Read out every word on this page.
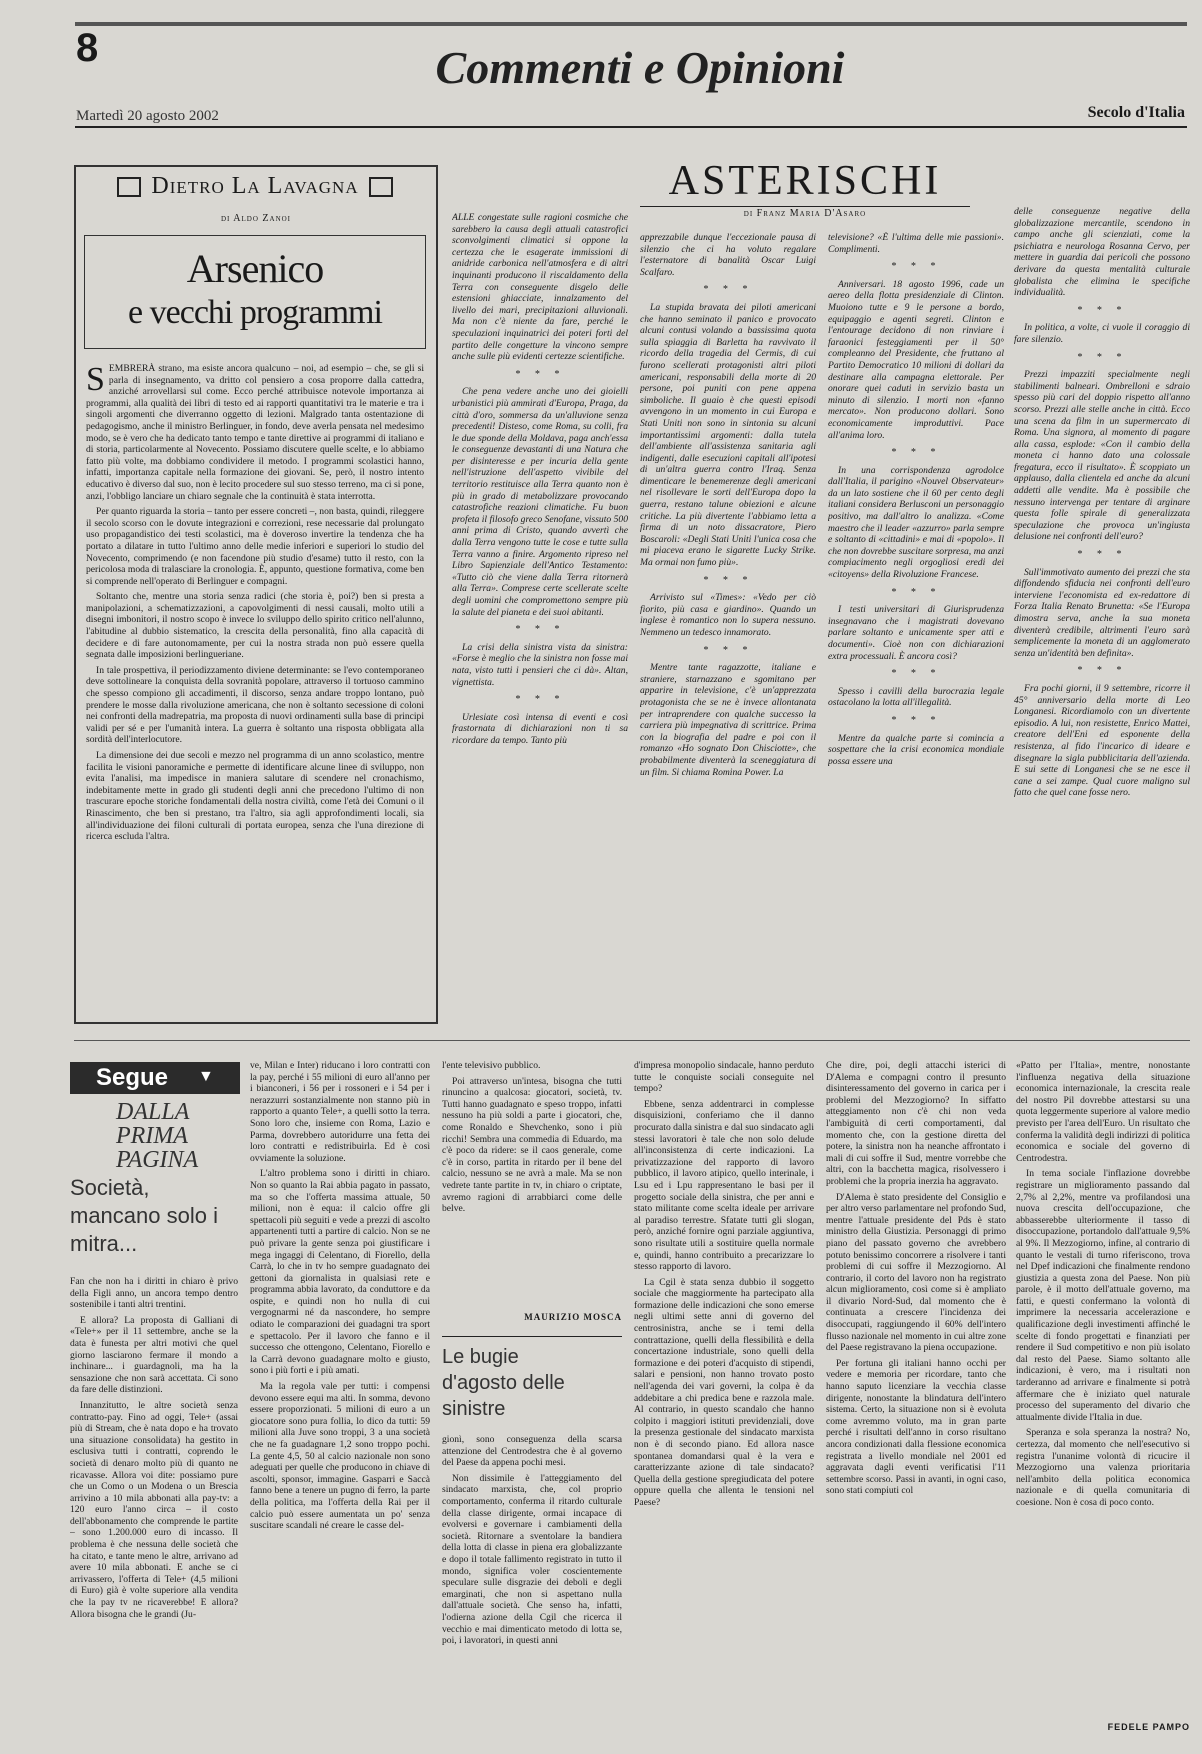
8	Commenti e Opinioni
Martedì 20 agosto 2002	Secolo d'Italia
Dietro La Lavagna
di Aldo Zanoi
Arsenico
e vecchi programmi
S EMBRERÀ strano, ma esiste ancora qualcuno – noi, ad esempio – che, se gli si parla di insegnamento, va dritto col pensiero a cosa proporre dalla cattedra, anziché arrovellarsi sul come. Ecco perché attribuisce notevole importanza ai programmi, alla qualità dei libri di testo ed ai rapporti quantitativi tra le materie e tra i singoli argomenti che diverranno oggetto di lezioni. Malgrado tanta ostentazione di pedagogismo, anche il ministro Berlinguer, in fondo, deve averla pensata nel medesimo modo, se è vero che ha dedicato tanto tempo e tante direttive ai programmi di italiano e di storia, particolarmente al Novecento. Possiamo discutere quelle scelte, e lo abbiamo fatto più volte, ma dobbiamo condividere il metodo. I programmi scolastici hanno, infatti, importanza capitale nella formazione dei giovani. Se, però, il nostro intento educativo è diverso dal suo, non è lecito procedere sul suo stesso terreno, ma ci si pone, anzi, l'obbligo lanciare un chiaro segnale che la continuità è stata interrotta.

Per quanto riguarda la storia – tanto per essere concreti –, non basta, quindi, rileggere il secolo scorso con le dovute integrazioni e correzioni, rese necessarie dal prolungato uso propagandistico dei testi scolastici, ma è doveroso invertire la tendenza che ha portato a dilatare in tutto l'ultimo anno delle medie inferiori e superiori lo studio del Novecento, comprimendo (e non facendone più studio d'esame) tutto il resto, con la pericolosa moda di tralasciare la cronologia. È, appunto, questione formativa, come ben si comprende nell'operato di Berlinguer e compagni.

Soltanto che, mentre una storia senza radici (che storia è, poi?) ben si presta a manipolazioni, a schematizzazioni, a capovolgimenti di nessi causali, molto utili a disegni imbonitori, il nostro scopo è invece lo sviluppo dello spirito critico nell'alunno, l'abitudine al dubbio sistematico, la crescita della personalità, fino alla capacità di decidere e di fare autonomamente, per cui la nostra strada non può essere quella segnata dalle imposizioni berlingueriane.

In tale prospettiva, il periodizzamento diviene determinante: se l'evo contemporaneo deve sottolineare la conquista della sovranità popolare, attraverso il tortuoso cammino che spesso compiono gli accadimenti, il discorso, senza andare troppo lontano, può prendere le mosse dalla rivoluzione americana, che non è soltanto secessione di coloni nei confronti della madrepatria, ma proposta di nuovi ordinamenti sulla base di principi validi per sé e per l'umanità intera. La guerra è soltanto una risposta obbligata alla sordità dell'interlocutore.

La dimensione dei due secoli e mezzo nel programma di un anno scolastico, mentre facilita le visioni panoramiche e permette di identificare alcune linee di sviluppo, non evita l'analisi, ma impedisce in maniera salutare di scendere nel cronachismo, indebitamente mette in grado gli studenti degli anni che precedono l'ultimo di non trascurare epoche storiche fondamentali della nostra civiltà, come l'età dei Comuni o il Rinascimento, che ben si prestano, tra l'altro, sia agli approfondimenti locali, sia all'individuazione dei filoni culturali di portata europea, senza che l'una direzione di ricerca escluda l'altra.

ASTERISCHI
di Franz Maria D'Asaro

ALLE congestate sulle ragioni cosmiche che sarebbero la causa degli attuali catastrofici sconvolgimenti climatici si oppone la certezza che le esagerate immissioni di anidride carbonica nell'atmosfera e di altri inquinanti producono il riscaldamento della Terra con conseguente disgelo delle estensioni ghiacciate, innalzamento del livello dei mari, precipitazioni alluvionali. Ma non c'è niente da fare, perché le speculazioni inquinatrici dei poteri forti del partito delle congetture la vincono sempre anche sulle più evidenti certezze scientifiche.

* * *

Che pena vedere anche uno dei gioielli urbanistici più ammirati d'Europa, Praga, da città d'oro, sommersa da un'alluvione senza precedenti! Disteso, come Roma, su colli, fra le due sponde della Moldava, paga anch'essa le conseguenze devastanti di una Natura che per disinteresse e per incuria della gente nell'istruzione dell'aspetto vivibile del territorio restituisce alla Terra quanto non è più in grado di metabolizzare provocando catastrofiche reazioni climatiche. Fu buon profeta il filosofo greco Senofane, vissuto 500 anni prima di Cristo, quando avvertì che dalla Terra vengono tutte le cose e tutte sulla Terra vanno a finire. Argomento ripreso nel Libro Sapienziale dell'Antico Testamento: «Tutto ciò che viene dalla Terra ritornerà alla Terra». Comprese certe scellerate scelte degli uomini che compromettono sempre più la salute del pianeta e dei suoi abitanti.

* * *

La crisi della sinistra vista da sinistra: «Forse è meglio che la sinistra non fosse mai nata, visto tutti i pensieri che ci dà». Altan, vignettista.

* * *

Urlesiate così intensa di eventi e così frastornata di dichiarazioni non ti sa ricordare da tempo. Tanto più

apprezzabile dunque l'eccezionale pausa di silenzio che ci ha voluto regalare l'esternatore di banalità Oscar Luigi Scalfaro.

* * *

La stupida bravata dei piloti americani che hanno seminato il panico e provocato alcuni contusi volando a bassissima quota sulla spiaggia di Barletta ha ravvivato il ricordo della tragedia del Cermis, di cui furono scellerati protagonisti altri piloti americani, responsabili della morte di 20 persone, poi puniti con pene appena simboliche. Il guaio è che questi episodi avvengono in un momento in cui Europa e Stati Uniti non sono in sintonia su alcuni importantissimi argomenti: dalla tutela dell'ambiente all'assistenza sanitaria agli indigenti, dalle esecuzioni capitali all'ipotesi di un'altra guerra contro l'Iraq. Senza dimenticare le benemerenze degli americani nel risollevare le sorti dell'Europa dopo la guerra, restano talune obiezioni e alcune critiche. La più divertente l'abbiamo letta a firma di un noto dissacratore, Piero Boscaroli: «Degli Stati Uniti l'unica cosa che mi piaceva erano le sigarette Lucky Strike. Ma ormai non fumo più».

* * *

Arrivisto sul «Times»: «Vedo per ciò fiorito, più casa e giardino». Quando un inglese è romantico non lo supera nessuno. Nemmeno un tedesco innamorato.

* * *

Mentre tante ragazzotte, italiane e straniere, starnazzano e sgomitano per apparire in televisione, c'è un'apprezzata protagonista che se ne è invece allontanata per intraprendere con qualche successo la carriera più impegnativa di scrittrice. Prima con la biografia del padre e poi con il romanzo «Ho sognato Don Chisciotte», che probabilmente diventerà la sceneggiatura di un film. Si chiama Romina Power. La

televisione? «È l'ultima delle mie passioni». Complimenti.

* * *

Anniversari. 18 agosto 1996, cade un aereo della flotta presidenziale di Clinton. Muoiono tutte e 9 le persone a bordo, equipaggio e agenti segreti. Clinton e l'entourage decidono di non rinviare i faraonici festeggiamenti per il 50° compleanno del Presidente, che fruttano al Partito Democratico 10 milioni di dollari da destinare alla campagna elettorale. Per onorare quei caduti in servizio basta un minuto di silenzio. I morti non «fanno mercato». Non producono dollari. Sono economicamente improduttivi. Pace all'anima loro.

* * *

In una corrispondenza agrodolce dall'Italia, il parigino «Nouvel Observateur» da un lato sostiene che il 60 per cento degli italiani considera Berlusconi un personaggio positivo, ma dall'altro lo analizza. «Come maestro che il leader «azzurro» parla sempre e soltanto di «cittadini» e mai di «popolo». Il che non dovrebbe suscitare sorpresa, ma anzi compiacimento negli orgogliosi eredi dei «citoyens» della Rivoluzione Francese.

* * *

I testi universitari di Giurisprudenza insegnavano che i magistrati dovevano parlare soltanto e unicamente sper atti e documenti». Cioè non con dichiarazioni extra processuali. È ancora così?

* * *

Spesso i cavilli della burocrazia legale ostacolano la lotta all'illegalità.

* * *

Mentre da qualche parte si comincia a sospettare che la crisi economica mondiale possa essere una

delle conseguenze negative della globalizzazione mercantile, scendono in campo anche gli scienziati, come la psichiatra e neurologa Rosanna Cervo, per mettere in guardia dai pericoli che possono derivare da questa mentalità culturale globalista che elimina le specifiche individualità.

* * *

In politica, a volte, ci vuole il coraggio di fare silenzio.

* * *

Prezzi impazziti specialmente negli stabilimenti balneari. Ombrelloni e sdraio spesso più cari del doppio rispetto all'anno scorso. Prezzi alle stelle anche in città. Ecco una scena da film in un supermercato di Roma. Una signora, al momento di pagare alla cassa, esplode: «Con il cambio della moneta ci hanno dato una colossale fregatura, ecco il risultato». È scoppiato un applauso, dalla clientela ed anche da alcuni addetti alle vendite. Ma è possibile che nessuno intervenga per tentare di arginare questa folle spirale di generalizzata speculazione che provoca un'ingiusta delusione nei confronti dell'euro?

* * *

Sull'immotivato aumento dei prezzi che sta diffondendo sfiducia nei confronti dell'euro interviene l'economista ed ex-redattore di Forza Italia Renato Brunetta: «Se l'Europa dimostra serva, anche la sua moneta diventerà credibile, altrimenti l'euro sarà semplicemente la moneta di un agglomerato senza un'identità ben definita».

* * *

Fra pochi giorni, il 9 settembre, ricorre il 45° anniversario della morte di Leo Longanesi. Ricordiamolo con un divertente episodio. A lui, non resistette, Enrico Mattei, creatore dell'Eni ed esponente della resistenza, al fido l'incarico di ideare e disegnare la sigla pubblicitaria dell'azienda. E sui sette di Longanesi che se ne esce il cane a sei zampe. Qual cuore maligno sul fatto che quel cane fosse nero.

Segue ▼
DALLA PRIMA PAGINA
Società, mancano solo i mitra...

Fan che non ha i diritti in chiaro è privo della Figli anno, un ancora tempo dentro sostenibile i tanti altri trentini.

E allora? La proposta di Galliani di «Tele+» per il 11 settembre, anche se la data è funesta per altri motivi che quel giorno lasciarono fermare il mondo a inchinare... i guardagnoli, ma ha la sensazione che non sarà accettata. Ci sono da fare delle distinzioni.

Innanzitutto, le altre società senza contratto-pay. Fino ad oggi, Tele+ (assai più di Stream, che è nata dopo e ha trovato una situazione consolidata) ha gestito in esclusiva tutti i contratti, coprendo le società di denaro molto più di quanto ne ricavasse. Allora voi dite: possiamo pure che un Como o un Modena o un Brescia arrivino a 10 mila abbonati alla pay-tv: a 120 euro l'anno circa – il costo dell'abbonamento che comprende le partite – sono 1.200.000 euro di incasso. Il problema è che nessuna delle società che ha citato, e tante meno le altre, arrivano ad avere 10 mila abbonati. E anche se ci arrivassero, l'offerta di Tele+ (4,5 milioni di Euro) già è volte superiore alla vendita che la pay tv ne ricaverebbe! E allora? Allora bisogna che le grandi (Ju-

ve, Milan e Inter) riducano i loro contratti con la pay, perché i 55 milioni di euro all'anno per i bianconeri, i 56 per i rossoneri e i 54 per i nerazzurri sostanzialmente non stanno più in rapporto a quanto Tele+, a quelli sotto la terra. Sono loro che, insieme con Roma, Lazio e Parma, dovrebbero autoridurre una fetta dei loro contratti e redistribuirla. Ed è così ovviamente la soluzione.

L'altro problema sono i diritti in chiaro. Non so quanto la Rai abbia pagato in passato, ma so che l'offerta massima attuale, 50 milioni, non è equa: il calcio offre gli spettacoli più seguiti e vede a prezzi di ascolto appartenenti tutti a partire di calcio. Non se ne può privare la gente senza poi giustificare i mega ingaggi di Celentano, di Fiorello, della Carrà, lo che in tv ho sempre guadagnato dei gettoni da giornalista in qualsiasi rete e programma abbia lavorato, da conduttore e da ospite, e quindi non ho nulla di cui vergognarmi né da nascondere, ho sempre odiato le comparazioni dei guadagni tra sport e spettacolo. Per il lavoro che fanno e il successo che ottengono, Celentano, Fiorello e la Carrà devono guadagnare molto e giusto, sono i più forti e i più amati.

Ma la regola vale per tutti: i compensi devono essere equi ma alti. In somma, devono essere proporzionati. 5 milioni di euro a un giocatore sono pura follia, lo dico da tutti: 59 milioni alla Juve sono troppi, 3 a una società che ne fa guadagnare 1,2 sono troppo pochi. La gente 4,5, 50 al calcio nazionale non sono adeguati per quelle che producono in chiave di ascolti, sponsor, immagine. Gasparri e Saccà fanno bene a tenere un pugno di ferro, la parte della politica, ma l'offerta della Rai per il calcio può essere aumentata un po' senza suscitare scandali né creare le casse del-

l'ente televisivo pubblico.

Poi attraverso un'intesa, bisogna che tutti rinuncino a qualcosa: giocatori, società, tv. Tutti hanno guadagnato e speso troppo, infatti nessuno ha più soldi a parte i giocatori, che, come Ronaldo e Shevchenko, sono i più ricchi! Sembra una commedia di Eduardo, ma c'è poco da ridere: se il caos generale, come c'è in corso, partita in ritardo per il bene del calcio, nessuno se ne avrà a male. Ma se non vedrete tante partite in tv, in chiaro o criptate, avremo ragioni di arrabbiarci come delle belve.

MAURIZIO MOSCA
Le bugie d'agosto delle sinistre

gionì, sono conseguenza della scarsa attenzione del Centrodestra che è al governo del Paese da appena pochi mesi.

Non dissimile è l'atteggiamento del sindacato marxista, che, col proprio comportamento, conferma il ritardo culturale della classe dirigente, ormai incapace di evolversi e governare i cambiamenti della società. Ritornare a sventolare la bandiera della lotta di classe in piena era globalizzante e dopo il totale fallimento registrato in tutto il mondo, significa voler coscientemente speculare sulle disgrazie dei deboli e degli emarginati, che non si aspettano nulla dall'attuale società. Che senso ha, infatti, l'odierna azione della Cgil che ricerca il vecchio e mai dimenticato metodo di lotta se, poi, i lavoratori, in questi anni

d'impresa monopolio sindacale, hanno perduto tutte le conquiste sociali conseguite nel tempo?

Ebbene, senza addentrarci in complesse disquisizioni, conferiamo che il danno procurato dalla sinistra e dal suo sindacato agli stessi lavoratori è tale che non solo delude all'inconsistenza di certe indicazioni. La privatizzazione del rapporto di lavoro pubblico, il lavoro atipico, quello interinale, i Lsu ed i Lpu rappresentano le basi per il progetto sociale della sinistra, che per anni e stato militante come scelta ideale per arrivare al paradiso terrestre. Sfatate tutti gli slogan, però, anziché fornire ogni parziale aggiuntiva, sono risultate utili a sostituire quella normale e, quindi, hanno contribuito a precarizzare lo stesso rapporto di lavoro.

La Cgil è stata senza dubbio il soggetto sociale che maggiormente ha partecipato alla formazione delle indicazioni che sono emerse negli ultimi sette anni di governo del centrosinistra, anche se i temi della contrattazione, quelli della flessibilità e della concertazione industriale, sono quelli della formazione e dei poteri d'acquisto di stipendi, salari e pensioni, non hanno trovato posto nell'agenda dei vari governi, la colpa è da addebitare a chi predica bene e razzola male. Al contrario, in questo scandalo che hanno colpito i maggiori istituti previdenziali, dove la presenza gestionale del sindacato marxista non è di secondo piano. Ed allora nasce spontanea domandarsi qual è la vera e caratterizzante azione di tale sindacato? Quella della gestione spregiudicata del potere oppure quella che allenta le tensioni nel Paese?

Che dire, poi, degli attacchi isterici di D'Alema e compagni contro il presunto disinteressamento del governo in carica per i problemi del Mezzogiorno? In siffatto atteggiamento non c'è chi non veda l'ambiguità di certi comportamenti, dal momento che, con la gestione diretta del potere, la sinistra non ha neanche affrontato i mali di cui soffre il Sud, mentre vorrebbe che altri, con la bacchetta magica, risolvessero i problemi che la propria inerzia ha aggravato.

D'Alema è stato presidente del Consiglio e per altro verso parlamentare nel profondo Sud, mentre l'attuale presidente del Pds è stato ministro della Giustizia. Personaggi di primo piano del passato governo che avrebbero potuto benissimo concorrere a risolvere i tanti problemi di cui soffre il Mezzogiorno. Al contrario, il corto del lavoro non ha registrato alcun miglioramento, così come si è ampliato il divario Nord-Sud, dal momento che è continuata a crescere l'incidenza dei disoccupati, raggiungendo il 60% dell'intero flusso nazionale nel momento in cui altre zone del Paese registravano la piena occupazione.

Per fortuna gli italiani hanno occhi per vedere e memoria per ricordare, tanto che hanno saputo licenziare la vecchia classe dirigente, nonostante la blindatura dell'intero sistema. Certo, la situazione non si è evoluta come avremmo voluto, ma in gran parte perché i risultati dell'anno in corso risultano ancora condizionati dalla flessione economica registrata a livello mondiale nel 2001 ed aggravata dagli eventi verificatisi l'11 settembre scorso. Passi in avanti, in ogni caso, sono stati compiuti col

«Patto per l'Italia», mentre, nonostante l'influenza negativa della situazione economica internazionale, la crescita reale del nostro Pil dovrebbe attestarsi su una quota leggermente superiore al valore medio previsto per l'area dell'Euro. Un risultato che conferma la validità degli indirizzi di politica economica e sociale del governo di Centrodestra.

In tema sociale l'inflazione dovrebbe registrare un miglioramento passando dal 2,7% al 2,2%, mentre va profilandosi una nuova crescita dell'occupazione, che abbasserebbe ulteriormente il tasso di disoccupazione, portandolo dall'attuale 9,5% al 9%. Il Mezzogiorno, infine, al contrario di quanto le vestali di turno riferiscono, trova nel Dpef indicazioni che finalmente rendono giustizia a questa zona del Paese. Non più parole, è il motto dell'attuale governo, ma fatti, e questi confermano la volontà di imprimere la necessaria accelerazione e qualificazione degli investimenti affinché le scelte di fondo progettati e finanziati per rendere il Sud competitivo e non più isolato dal resto del Paese. Siamo soltanto alle indicazioni, è vero, ma i risultati non tarderanno ad arrivare e finalmente si potrà affermare che è iniziato quel naturale processo del superamento del divario che attualmente divide l'Italia in due.

Speranza e sola speranza la nostra? No, certezza, dal momento che nell'esecutivo si registra l'unanime volontà di ricucire il Mezzogiorno una valenza prioritaria nell'ambito della politica economica nazionale e di quella comunitaria di coesione. Non è cosa di poco conto.

FEDELE PAMPO
